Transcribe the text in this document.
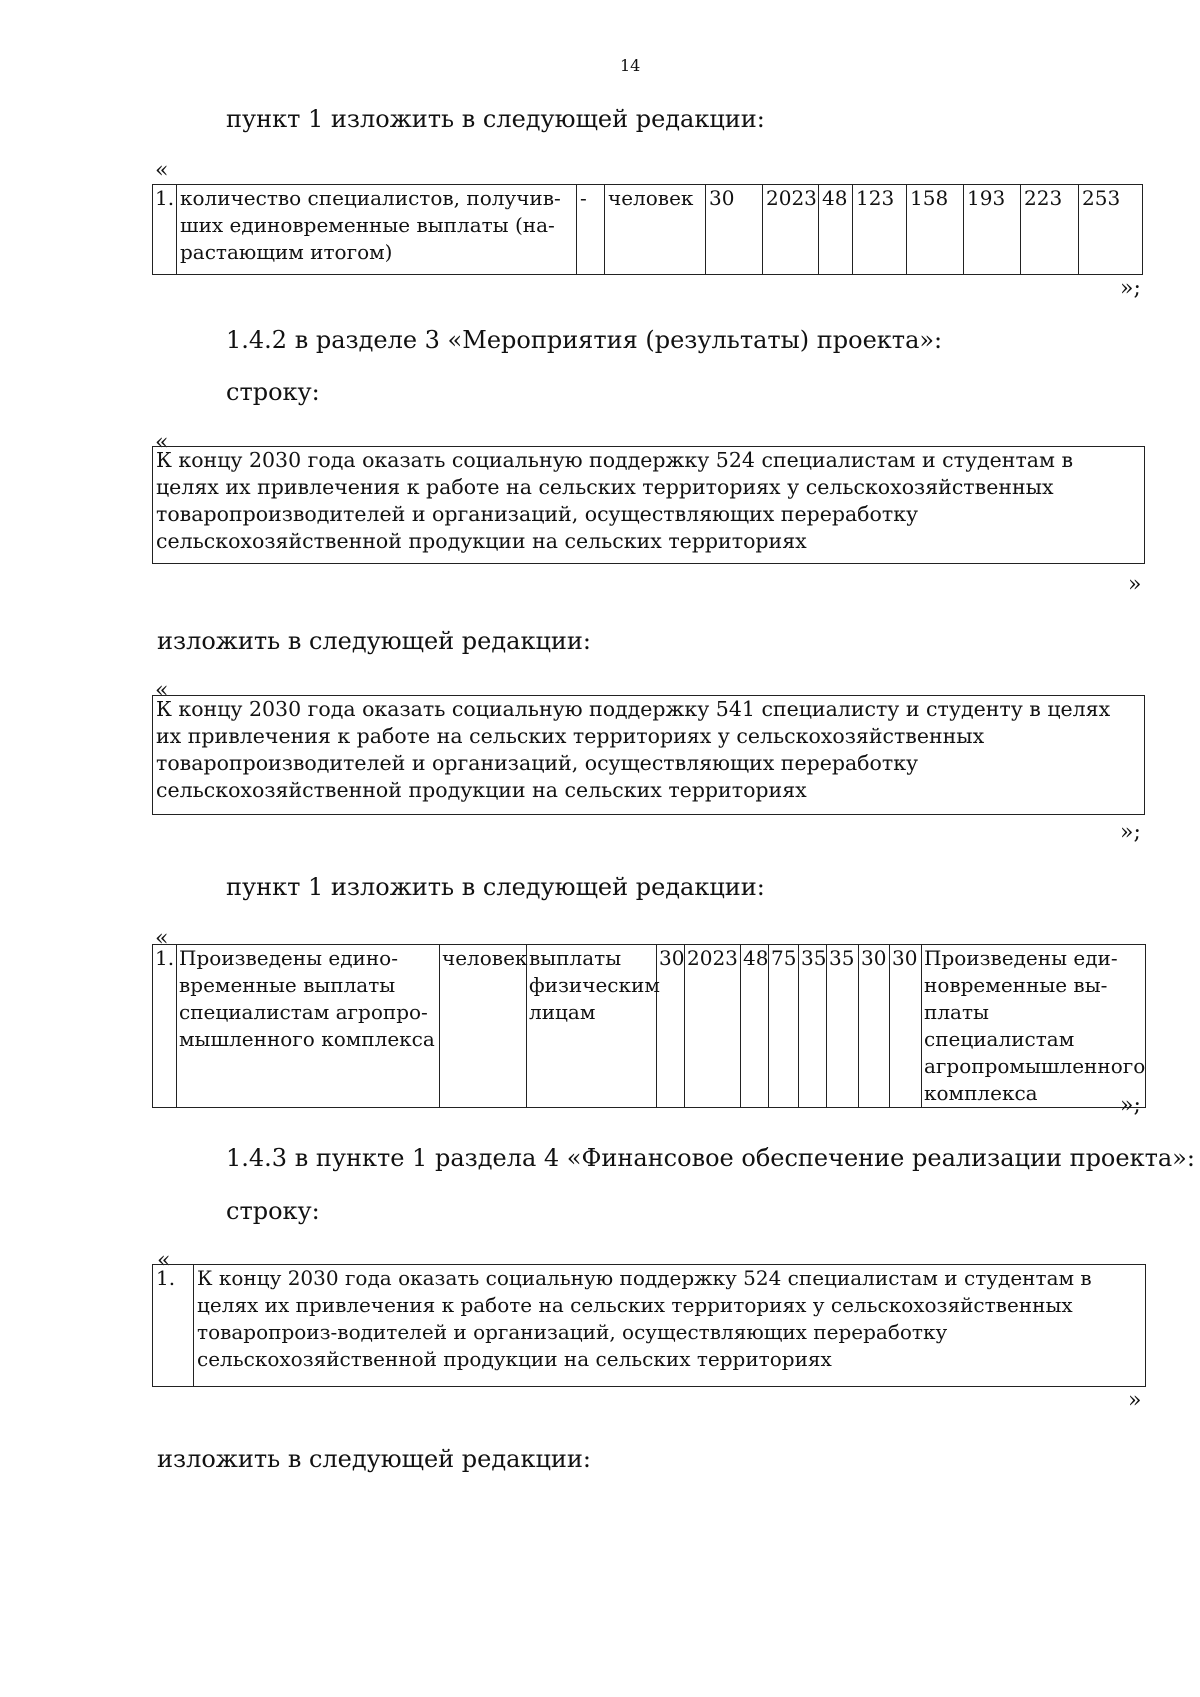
14
пункт 1 изложить в следующей редакции:
«
1.	количество специалистов, получив-ших единовременные выплаты (на-растающим итогом)	-	человек	30	2023	48	123	158	193	223	253
»;
1.4.2 в разделе 3 «Мероприятия (результаты) проекта»:
строку:
«
К концу 2030 года оказать социальную поддержку 524 специалистам и студентам в целях их привлечения к работе на сельских территориях у сельскохозяйственных товаропроизводителей и организаций, осуществляющих переработку сельскохозяйственной продукции на сельских территориях
»
изложить в следующей редакции:
«
К концу 2030 года оказать социальную поддержку 541 специалисту и студенту в целях их привлечения к работе на сельских территориях у сельскохозяйственных товаропроизводителей и организаций, осуществляющих переработку сельскохозяйственной продукции на сельских территориях
»;
пункт 1 изложить в следующей редакции:
«
1.	Произведены едино-временные выплаты специалистам агропро-мышленного комплекса	человек	выплаты физическим лицам	30	2023	48	75	35	35	30	30	Произведены еди-новременные вы-платы специалистам агропромышленного комплекса	»;
1.4.3 в пункте 1 раздела 4 «Финансовое обеспечение реализации проекта»:
строку:
«
1.	К концу 2030 года оказать социальную поддержку 524 специалистам и студентам в целях их привлечения к работе на сельских территориях у сельскохозяйственных товаропроиз-водителей и организаций, осуществляющих переработку сельскохозяйственной продукции на сельских территориях
»
изложить в следующей редакции:
